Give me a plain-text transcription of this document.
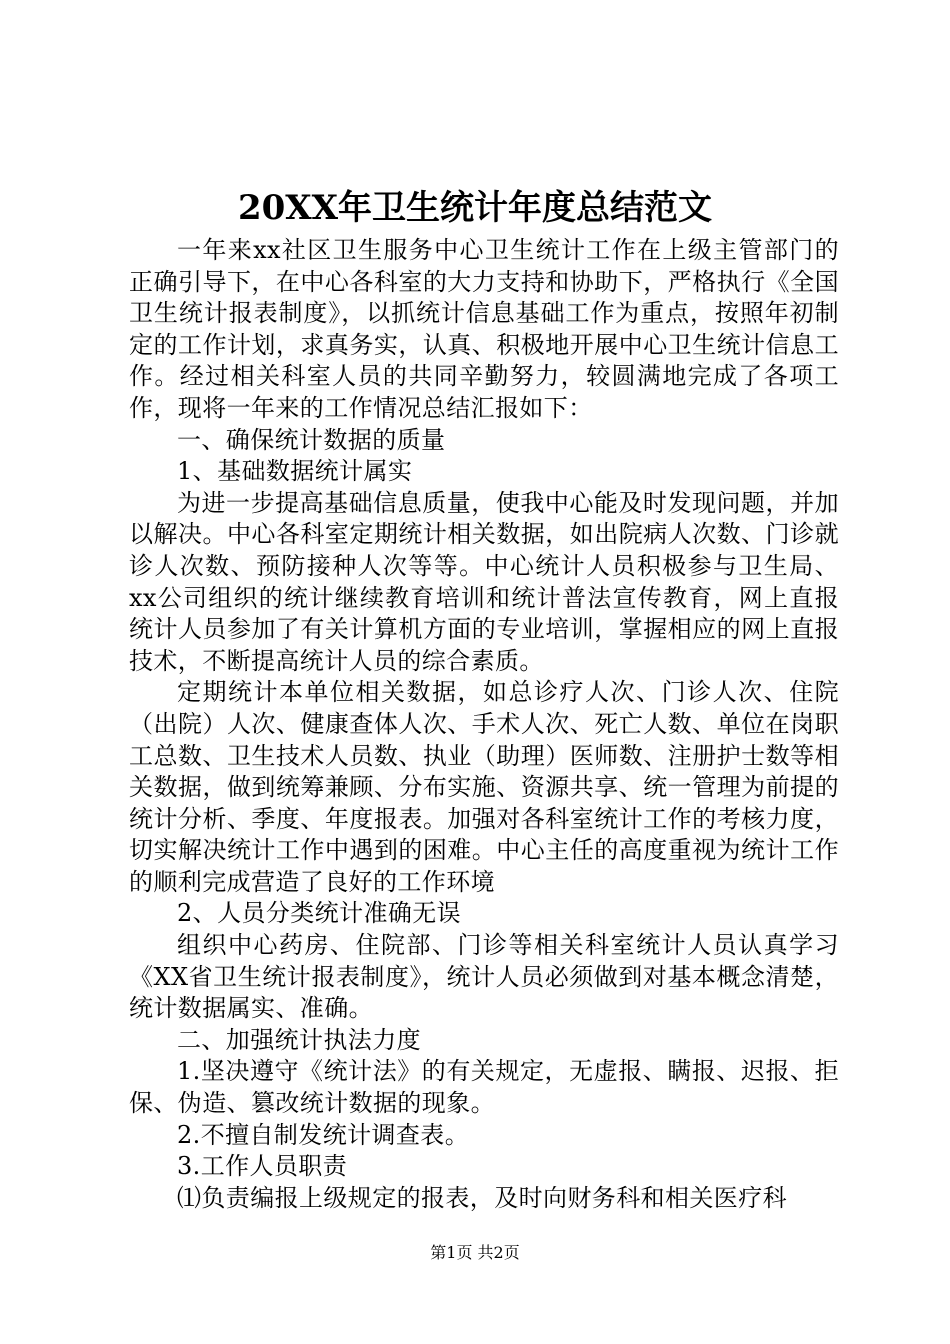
20XX年卫生统计年度总结范文

一年来xx社区卫生服务中心卫生统计工作在上级主管部门的正确引导下，在中心各科室的大力支持和协助下，严格执行《全国卫生统计报表制度》，以抓统计信息基础工作为重点，按照年初制定的工作计划，求真务实，认真、积极地开展中心卫生统计信息工作。经过相关科室人员的共同辛勤努力，较圆满地完成了各项工作，现将一年来的工作情况总结汇报如下：

一、确保统计数据的质量

1、基础数据统计属实

为进一步提高基础信息质量，使我中心能及时发现问题，并加以解决。中心各科室定期统计相关数据，如出院病人次数、门诊就诊人次数、预防接种人次等等。中心统计人员积极参与卫生局、xx公司组织的统计继续教育培训和统计普法宣传教育，网上直报统计人员参加了有关计算机方面的专业培训，掌握相应的网上直报技术，不断提高统计人员的综合素质。

定期统计本单位相关数据，如总诊疗人次、门诊人次、住院（出院）人次、健康查体人次、手术人次、死亡人数、单位在岗职工总数、卫生技术人员数、执业（助理）医师数、注册护士数等相关数据，做到统筹兼顾、分布实施、资源共享、统一管理为前提的统计分析、季度、年度报表。加强对各科室统计工作的考核力度，切实解决统计工作中遇到的困难。中心主任的高度重视为统计工作的顺利完成营造了良好的工作环境

2、人员分类统计准确无误

组织中心药房、住院部、门诊等相关科室统计人员认真学习《XX省卫生统计报表制度》，统计人员必须做到对基本概念清楚，统计数据属实、准确。

二、加强统计执法力度

1.坚决遵守《统计法》的有关规定，无虚报、瞒报、迟报、拒保、伪造、篡改统计数据的现象。

2.不擅自制发统计调查表。

3.工作人员职责

⑴负责编报上级规定的报表，及时向财务科和相关医疗科

第1页 共2页
